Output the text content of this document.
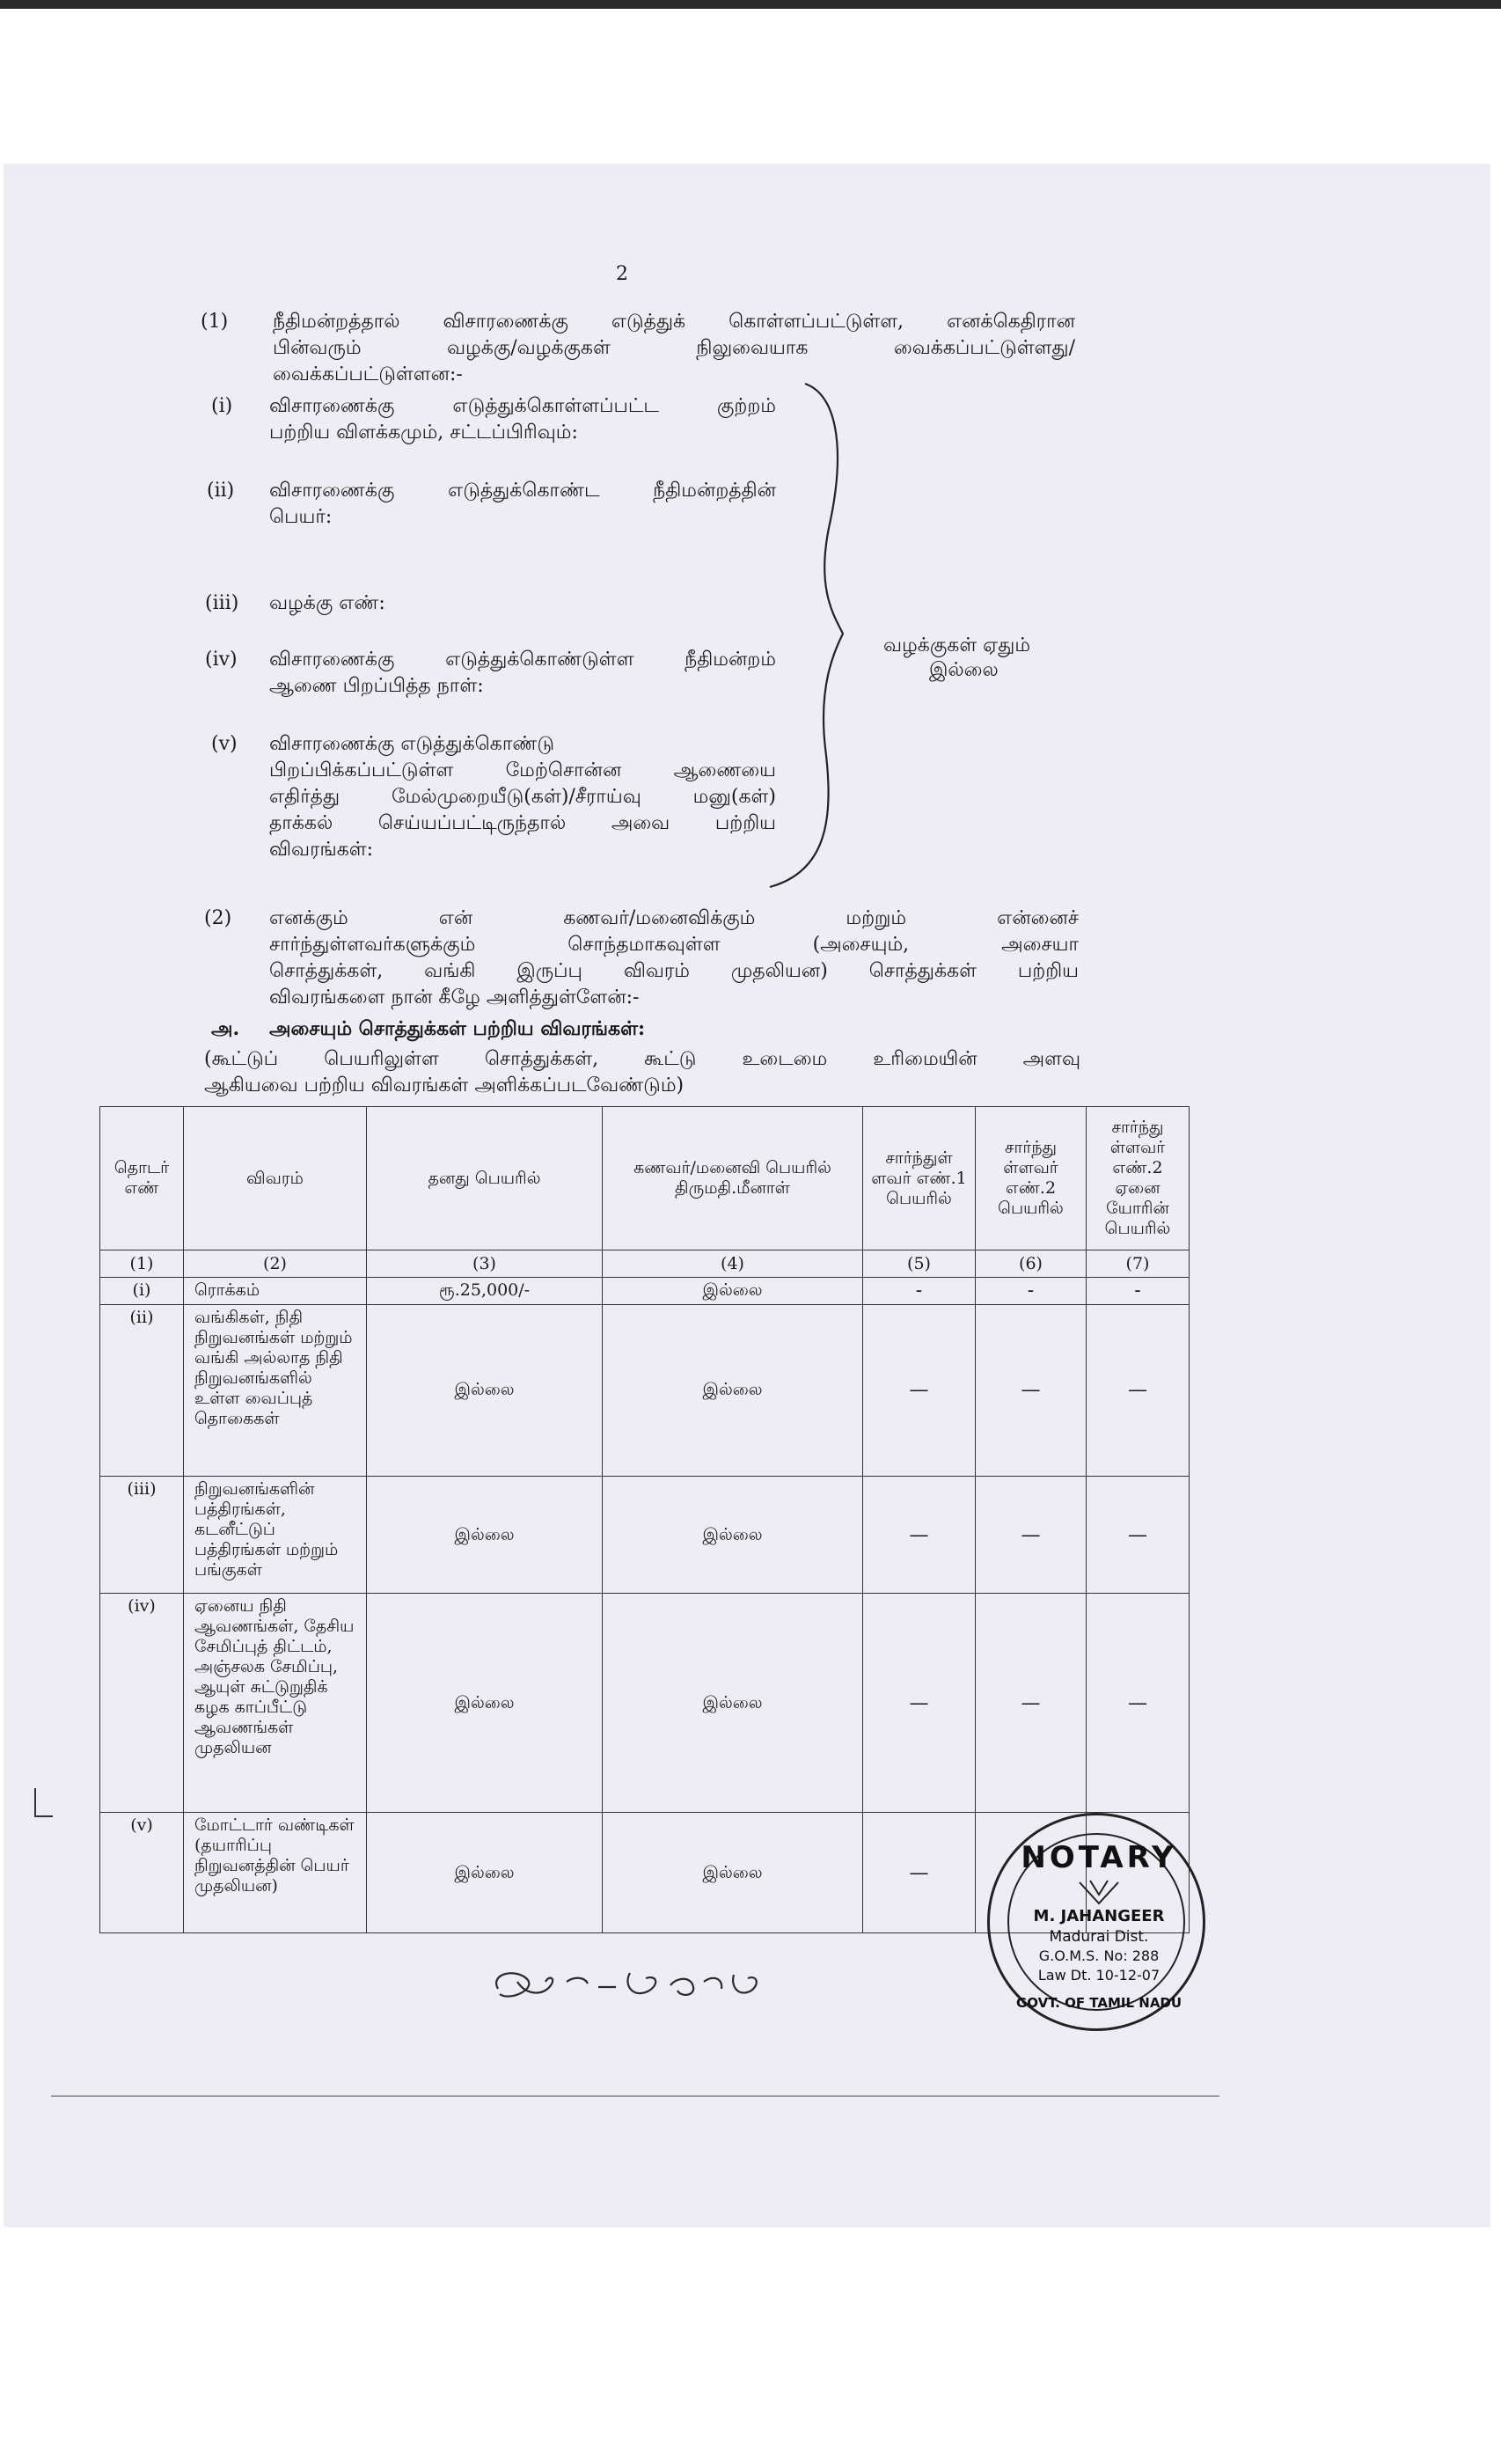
2
(1) நீதிமன்றத்தால் விசாரணைக்கு எடுத்துக் கொள்ளப்பட்டுள்ள, எனக்கெதிரான
பின்வரும் வழக்கு/வழக்குகள் நிலுவையாக வைக்கப்பட்டுள்ளது/
வைக்கப்பட்டுள்ளன:-
(i) விசாரணைக்கு எடுத்துக்கொள்ளப்பட்ட குற்றம்
பற்றிய விளக்கமும், சட்டப்பிரிவும்:
(ii) விசாரணைக்கு எடுத்துக்கொண்ட நீதிமன்றத்தின்
பெயர்:
(iii) வழக்கு எண்:
(iv) விசாரணைக்கு எடுத்துக்கொண்டுள்ள நீதிமன்றம்
ஆணை பிறப்பித்த நாள்:
(v) விசாரணைக்கு எடுத்துக்கொண்டு
பிறப்பிக்கப்பட்டுள்ள மேற்சொன்ன ஆணையை
எதிர்த்து மேல்முறையீடு(கள்)/சீராய்வு மனு(கள்)
தாக்கல் செய்யப்பட்டிருந்தால் அவை பற்றிய
விவரங்கள்:
வழக்குகள் ஏதும்
இல்லை
(2) எனக்கும் என் கணவர்/மனைவிக்கும் மற்றும் என்னைச்
சார்ந்துள்ளவர்களுக்கும் சொந்தமாகவுள்ள (அசையும், அசையா
சொத்துக்கள், வங்கி இருப்பு விவரம் முதலியன) சொத்துக்கள் பற்றிய
விவரங்களை நான் கீழே அளித்துள்ளேன்:-
அ. அசையும் சொத்துக்கள் பற்றிய விவரங்கள்:
(கூட்டுப் பெயரிலுள்ள சொத்துக்கள், கூட்டு உடைமை உரிமையின் அளவு
ஆகியவை பற்றிய விவரங்கள் அளிக்கப்படவேண்டும்)
தொடர் எண்	விவரம்	தனது பெயரில்	கணவர்/மனைவி பெயரில் திருமதி.மீனாள்	சார்ந்துள் ளவர் எண்.1 பெயரில்	சார்ந்து ள்ளவர் எண்.2 பெயரில்	சார்ந்து ள்ளவர் எண்.2 ஏனை யோரின் பெயரில்
(1)	(2)	(3)	(4)	(5)	(6)	(7)
(i)	ரொக்கம்	ரூ.25,000/-	இல்லை	-	-	-
(ii)	வங்கிகள், நிதி நிறுவனங்கள் மற்றும் வங்கி அல்லாத நிதி நிறுவனங்களில் உள்ள வைப்புத் தொகைகள்	இல்லை	இல்லை	—	—	—
(iii)	நிறுவனங்களின் பத்திரங்கள், கடனீட்டுப் பத்திரங்கள் மற்றும் பங்குகள்	இல்லை	இல்லை	—	—	—
(iv)	ஏனைய நிதி ஆவணங்கள், தேசிய சேமிப்புத் திட்டம், அஞ்சலக சேமிப்பு, ஆயுள் சுட்டுறுதிக் கழக காப்பீட்டு ஆவணங்கள் முதலியன	இல்லை	இல்லை	—	—	—
(v)	மோட்டார் வண்டிகள் (தயாரிப்பு நிறுவனத்தின் பெயர் முதலியன)	இல்லை	இல்லை	—			NOTARY
M. JAHANGEER
Madurai Dist.
G.O.M.S. No: 288
Law Dt. 10-12-07
GOVT. OF TAMIL NADU
